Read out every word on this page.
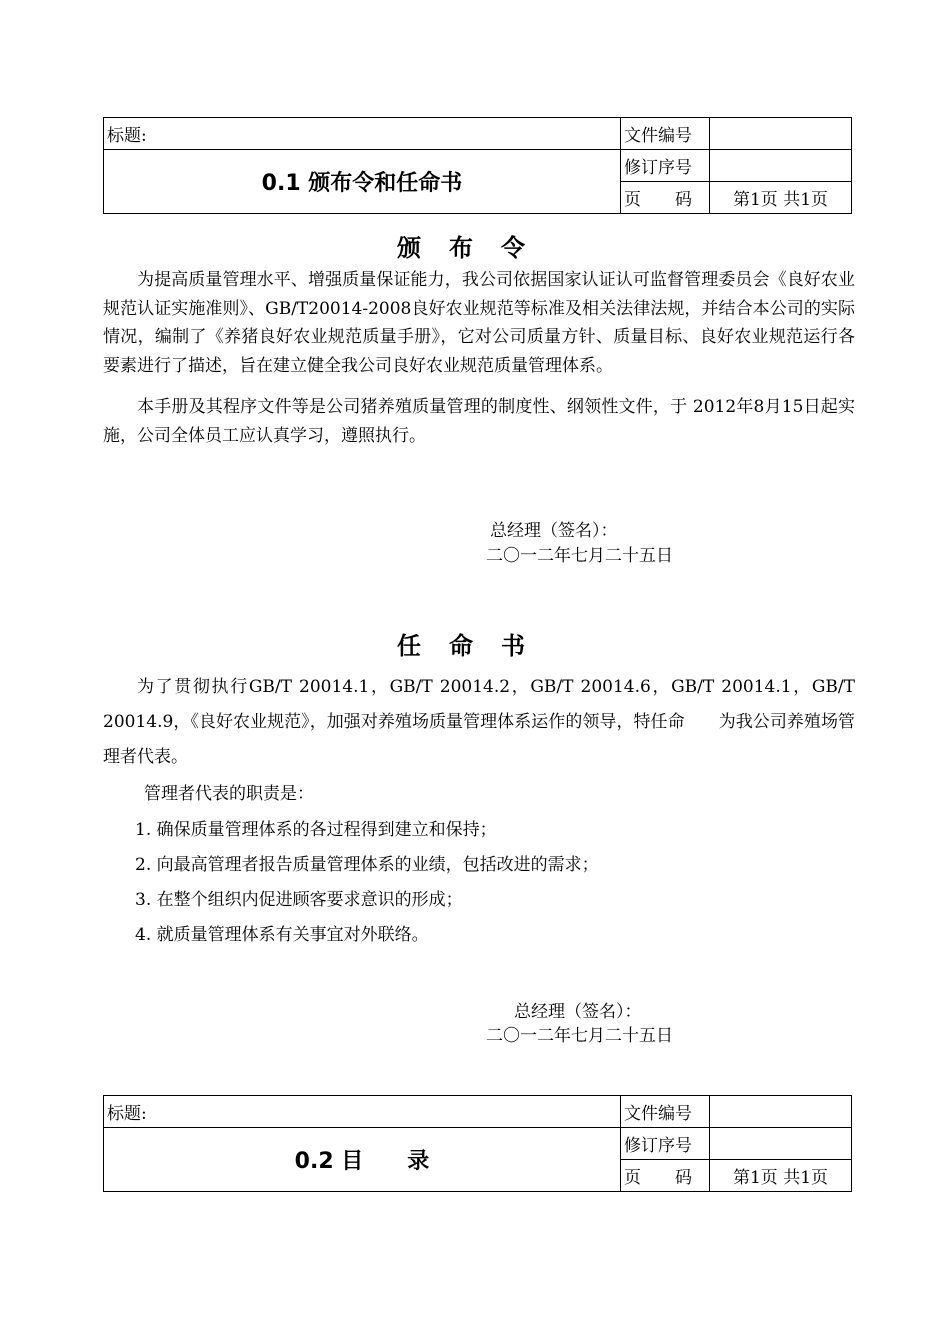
标题:	文件编号	
0.1 颁布令和任命书	修订序号	
	页　　码	第1页 共1页
颁布令

为提高质量管理水平、增强质量保证能力，我公司依据国家认证认可监督管理委员会《良好农业规范认证实施准则》、GB/T20014-2008良好农业规范等标准及相关法律法规，并结合本公司的实际情况，编制了《养猪良好农业规范质量手册》，它对公司质量方针、质量目标、良好农业规范运行各要素进行了描述，旨在建立健全我公司良好农业规范质量管理体系。

本手册及其程序文件等是公司猪养殖质量管理的制度性、纲领性文件，于 2012年8月15日起实施，公司全体员工应认真学习，遵照执行。

总经理（签名）：
二〇一二年七月二十五日
任命书

为了贯彻执行GB/T 20014.1，GB/T 20014.2，GB/T 20014.6，GB/T 20014.1，GB/T 20014.9，《良好农业规范》，加强对养殖场质量管理体系运作的领导，特任命　　为我公司养殖场管理者代表。

管理者代表的职责是：
1. 确保质量管理体系的各过程得到建立和保持；
2. 向最高管理者报告质量管理体系的业绩，包括改进的需求；
3. 在整个组织内促进顾客要求意识的形成；
4. 就质量管理体系有关事宜对外联络。
总经理（签名）：
二〇一二年七月二十五日
标题:	文件编号	
0.2 目　　录	修订序号	
	页　　码	第1页 共1页
